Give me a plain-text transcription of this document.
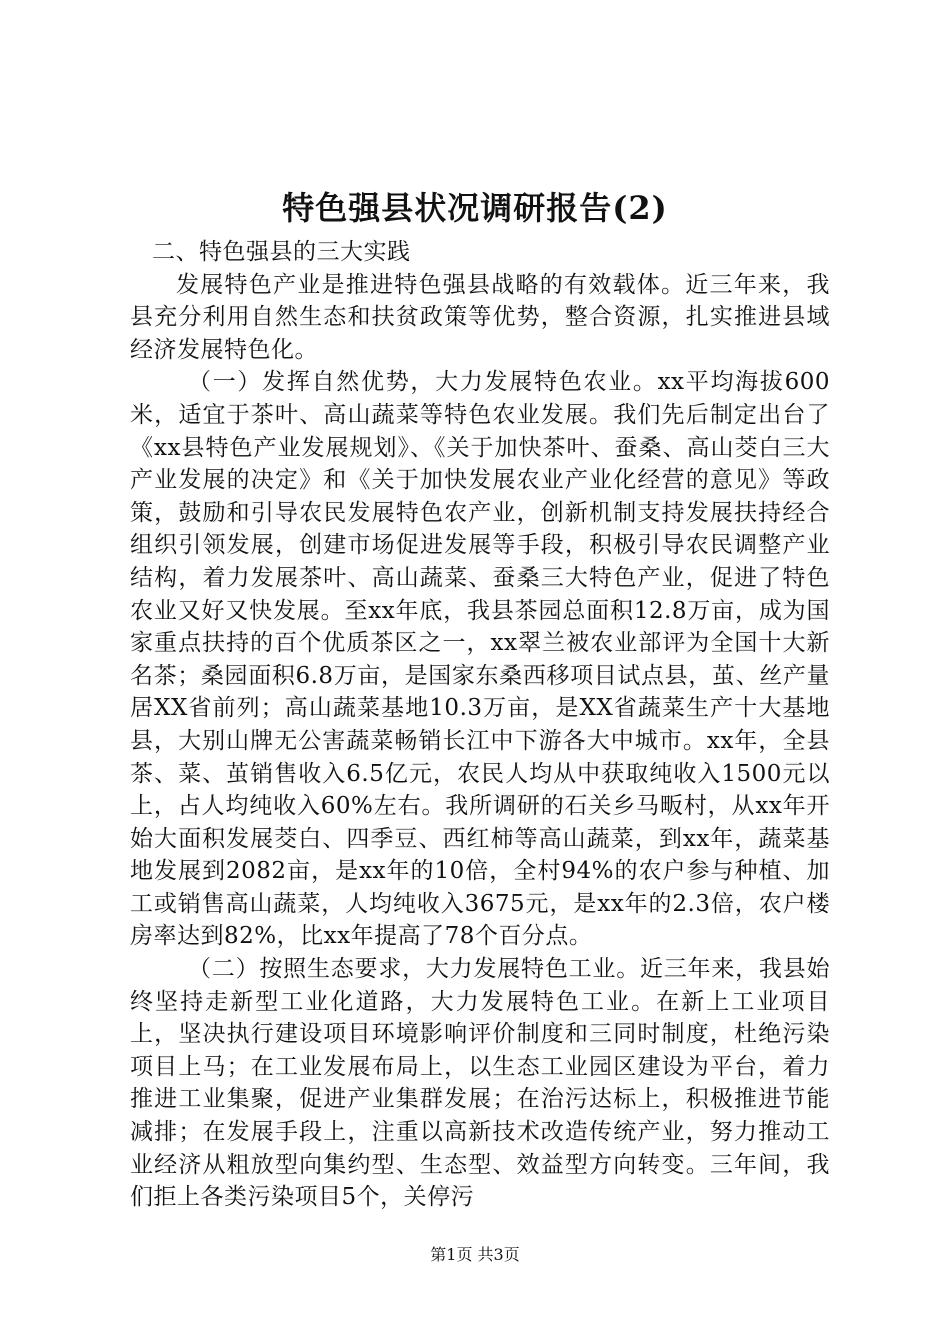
特色强县状况调研报告(2)

二、特色强县的三大实践

发展特色产业是推进特色强县战略的有效载体。近三年来，我县充分利用自然生态和扶贫政策等优势，整合资源，扎实推进县域经济发展特色化。

（一）发挥自然优势，大力发展特色农业。xx平均海拔600米，适宜于茶叶、高山蔬菜等特色农业发展。我们先后制定出台了《xx县特色产业发展规划》、《关于加快茶叶、蚕桑、高山茭白三大产业发展的决定》和《关于加快发展农业产业化经营的意见》等政策，鼓励和引导农民发展特色农产业，创新机制支持发展扶持经合组织引领发展，创建市场促进发展等手段，积极引导农民调整产业结构，着力发展茶叶、高山蔬菜、蚕桑三大特色产业，促进了特色农业又好又快发展。至xx年底，我县茶园总面积12.8万亩，成为国家重点扶持的百个优质茶区之一，xx翠兰被农业部评为全国十大新名茶；桑园面积6.8万亩，是国家东桑西移项目试点县，茧、丝产量居XX省前列；高山蔬菜基地10.3万亩，是XX省蔬菜生产十大基地县，大别山牌无公害蔬菜畅销长江中下游各大中城市。xx年，全县茶、菜、茧销售收入6.5亿元，农民人均从中获取纯收入1500元以上，占人均纯收入60%左右。我所调研的石关乡马畈村，从xx年开始大面积发展茭白、四季豆、西红柿等高山蔬菜，到xx年，蔬菜基地发展到2082亩，是xx年的10倍，全村94%的农户参与种植、加工或销售高山蔬菜，人均纯收入3675元，是xx年的2.3倍，农户楼房率达到82%，比xx年提高了78个百分点。

（二）按照生态要求，大力发展特色工业。近三年来，我县始终坚持走新型工业化道路，大力发展特色工业。在新上工业项目上，坚决执行建设项目环境影响评价制度和三同时制度，杜绝污染项目上马；在工业发展布局上，以生态工业园区建设为平台，着力推进工业集聚，促进产业集群发展；在治污达标上，积极推进节能减排；在发展手段上，注重以高新技术改造传统产业，努力推动工业经济从粗放型向集约型、生态型、效益型方向转变。三年间，我们拒上各类污染项目5个，关停污

第1页 共3页
